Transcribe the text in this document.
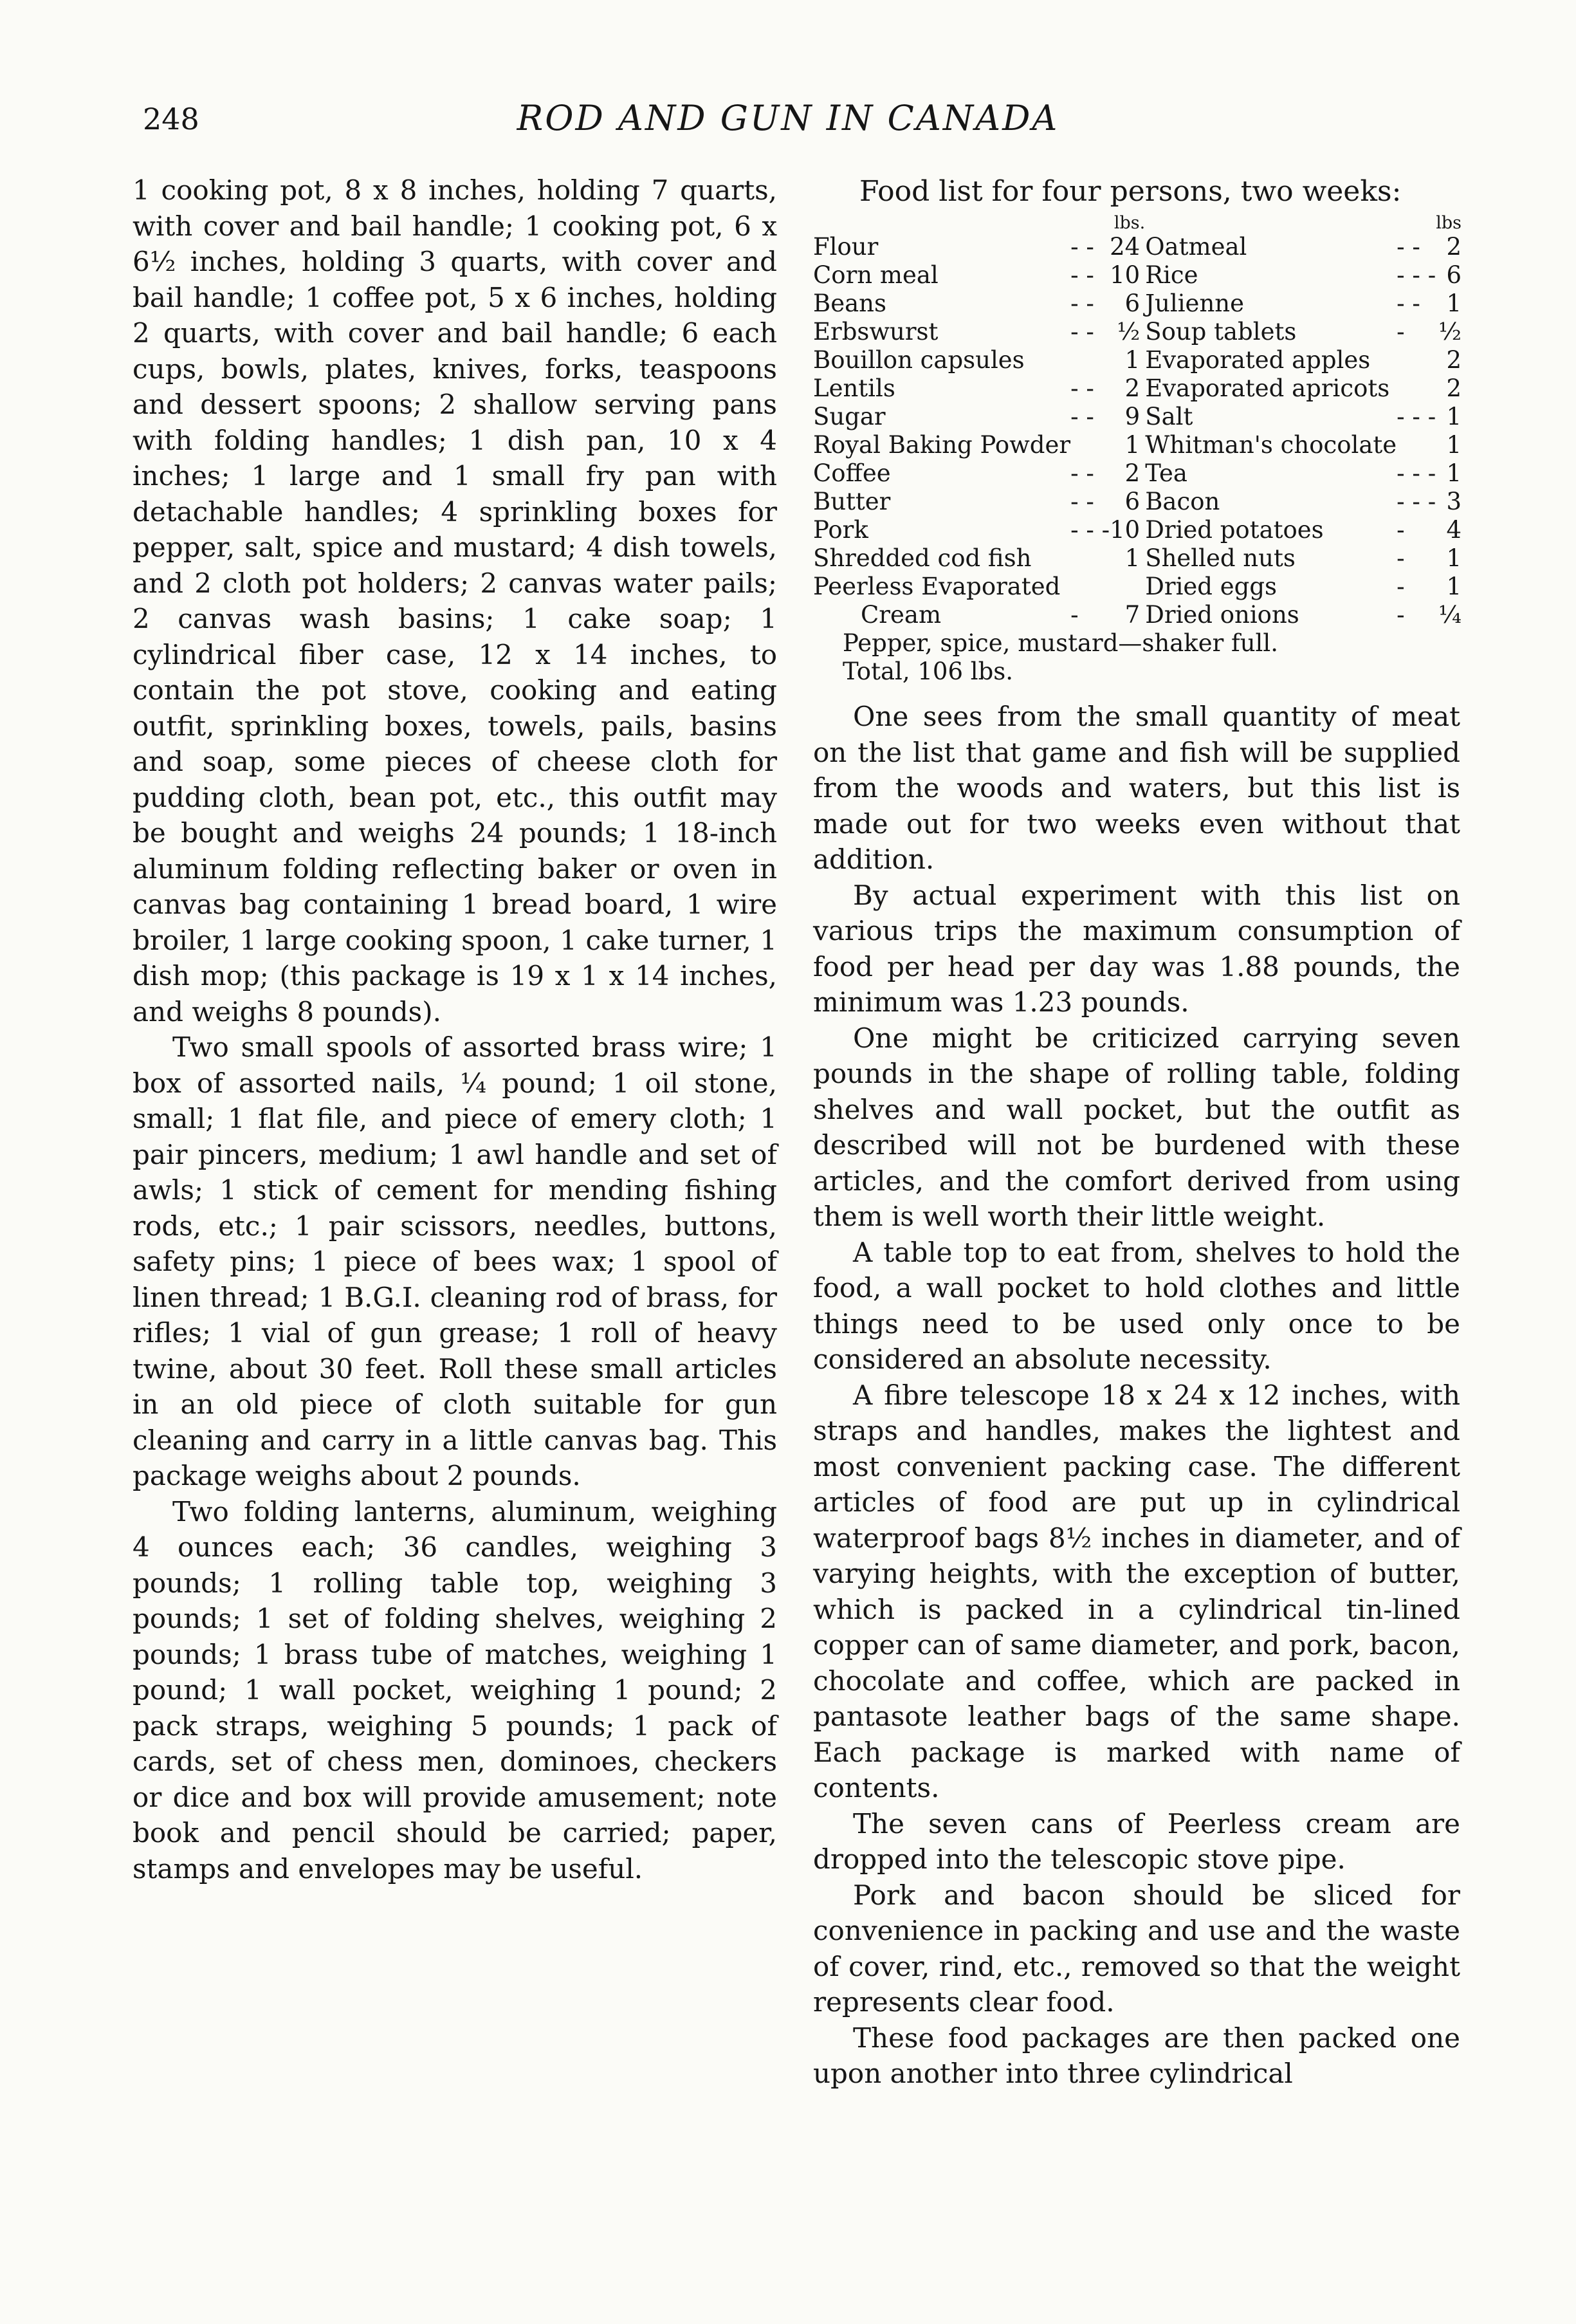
248	ROD AND GUN IN CANADA

1 cooking pot, 8 x 8 inches, holding 7 quarts, with cover and bail handle; 1 cooking pot, 6 x 6½ inches, holding 3 quarts, with cover and bail handle; 1 coffee pot, 5 x 6 inches, holding 2 quarts, with cover and bail handle; 6 each cups, bowls, plates, knives, forks, teaspoons and dessert spoons; 2 shallow serving pans with folding handles; 1 dish pan, 10 x 4 inches; 1 large and 1 small fry pan with detachable handles; 4 sprinkling boxes for pepper, salt, spice and mustard; 4 dish towels, and 2 cloth pot holders; 2 canvas water pails; 2 canvas wash basins; 1 cake soap; 1 cylindrical fiber case, 12 x 14 inches, to contain the pot stove, cooking and eating outfit, sprinkling boxes, towels, pails, basins and soap, some pieces of cheese cloth for pudding cloth, bean pot, etc., this outfit may be bought and weighs 24 pounds; 1 18-inch aluminum folding reflecting baker or oven in canvas bag containing 1 bread board, 1 wire broiler, 1 large cooking spoon, 1 cake turner, 1 dish mop; (this package is 19 x 1 x 14 inches, and weighs 8 pounds).

Two small spools of assorted brass wire; 1 box of assorted nails, ¼ pound; 1 oil stone, small; 1 flat file, and piece of emery cloth; 1 pair pincers, medium; 1 awl handle and set of awls; 1 stick of cement for mending fishing rods, etc.; 1 pair scissors, needles, buttons, safety pins; 1 piece of bees wax; 1 spool of linen thread; 1 B.G.I. cleaning rod of brass, for rifles; 1 vial of gun grease; 1 roll of heavy twine, about 30 feet. Roll these small articles in an old piece of cloth suitable for gun cleaning and carry in a little canvas bag. This package weighs about 2 pounds.

Two folding lanterns, aluminum, weighing 4 ounces each; 36 candles, weighing 3 pounds; 1 rolling table top, weighing 3 pounds; 1 set of folding shelves, weighing 2 pounds; 1 brass tube of matches, weighing 1 pound; 1 wall pocket, weighing 1 pound; 2 pack straps, weighing 5 pounds; 1 pack of cards, set of chess men, dominoes, checkers or dice and box will provide amusement; note book and pencil should be carried; paper, stamps and envelopes may be useful.

Food list for four persons, two weeks:
		lbs.			lbs
Flour	- -	24	Oatmeal	- -	2
Corn meal	- -	10	Rice	- - -	6
Beans	- -	6	Julienne	- -	1
Erbswurst	- -	½	Soup tablets	-	½
Bouillon capsules		1	Evaporated apples		2
Lentils	- -	2	Evaporated apricots		2
Sugar	- -	9	Salt	- - -	1
Royal Baking Powder		1	Whitman's chocolate		1
Coffee	- -	2	Tea	- - -	1
Butter	- -	6	Bacon	- - -	3
Pork	- - -	10	Dried potatoes	-	4
Shredded cod fish		1	Shelled nuts	-	1
Peerless Evaporated			Dried eggs	-	1
Cream	-	7	Dried onions	-	¼
Pepper, spice, mustard—shaker full.
Total, 106 lbs.

One sees from the small quantity of meat on the list that game and fish will be supplied from the woods and waters, but this list is made out for two weeks even without that addition.

By actual experiment with this list on various trips the maximum consumption of food per head per day was 1.88 pounds, the minimum was 1.23 pounds.

One might be criticized carrying seven pounds in the shape of rolling table, folding shelves and wall pocket, but the outfit as described will not be burdened with these articles, and the comfort derived from using them is well worth their little weight.

A table top to eat from, shelves to hold the food, a wall pocket to hold clothes and little things need to be used only once to be considered an absolute necessity.

A fibre telescope 18 x 24 x 12 inches, with straps and handles, makes the lightest and most convenient packing case. The different articles of food are put up in cylindrical waterproof bags 8½ inches in diameter, and of varying heights, with the exception of butter, which is packed in a cylindrical tin-lined copper can of same diameter, and pork, bacon, chocolate and coffee, which are packed in pantasote leather bags of the same shape. Each package is marked with name of contents.

The seven cans of Peerless cream are dropped into the telescopic stove pipe.

Pork and bacon should be sliced for convenience in packing and use and the waste of cover, rind, etc., removed so that the weight represents clear food.

These food packages are then packed one upon another into three cylindrical
